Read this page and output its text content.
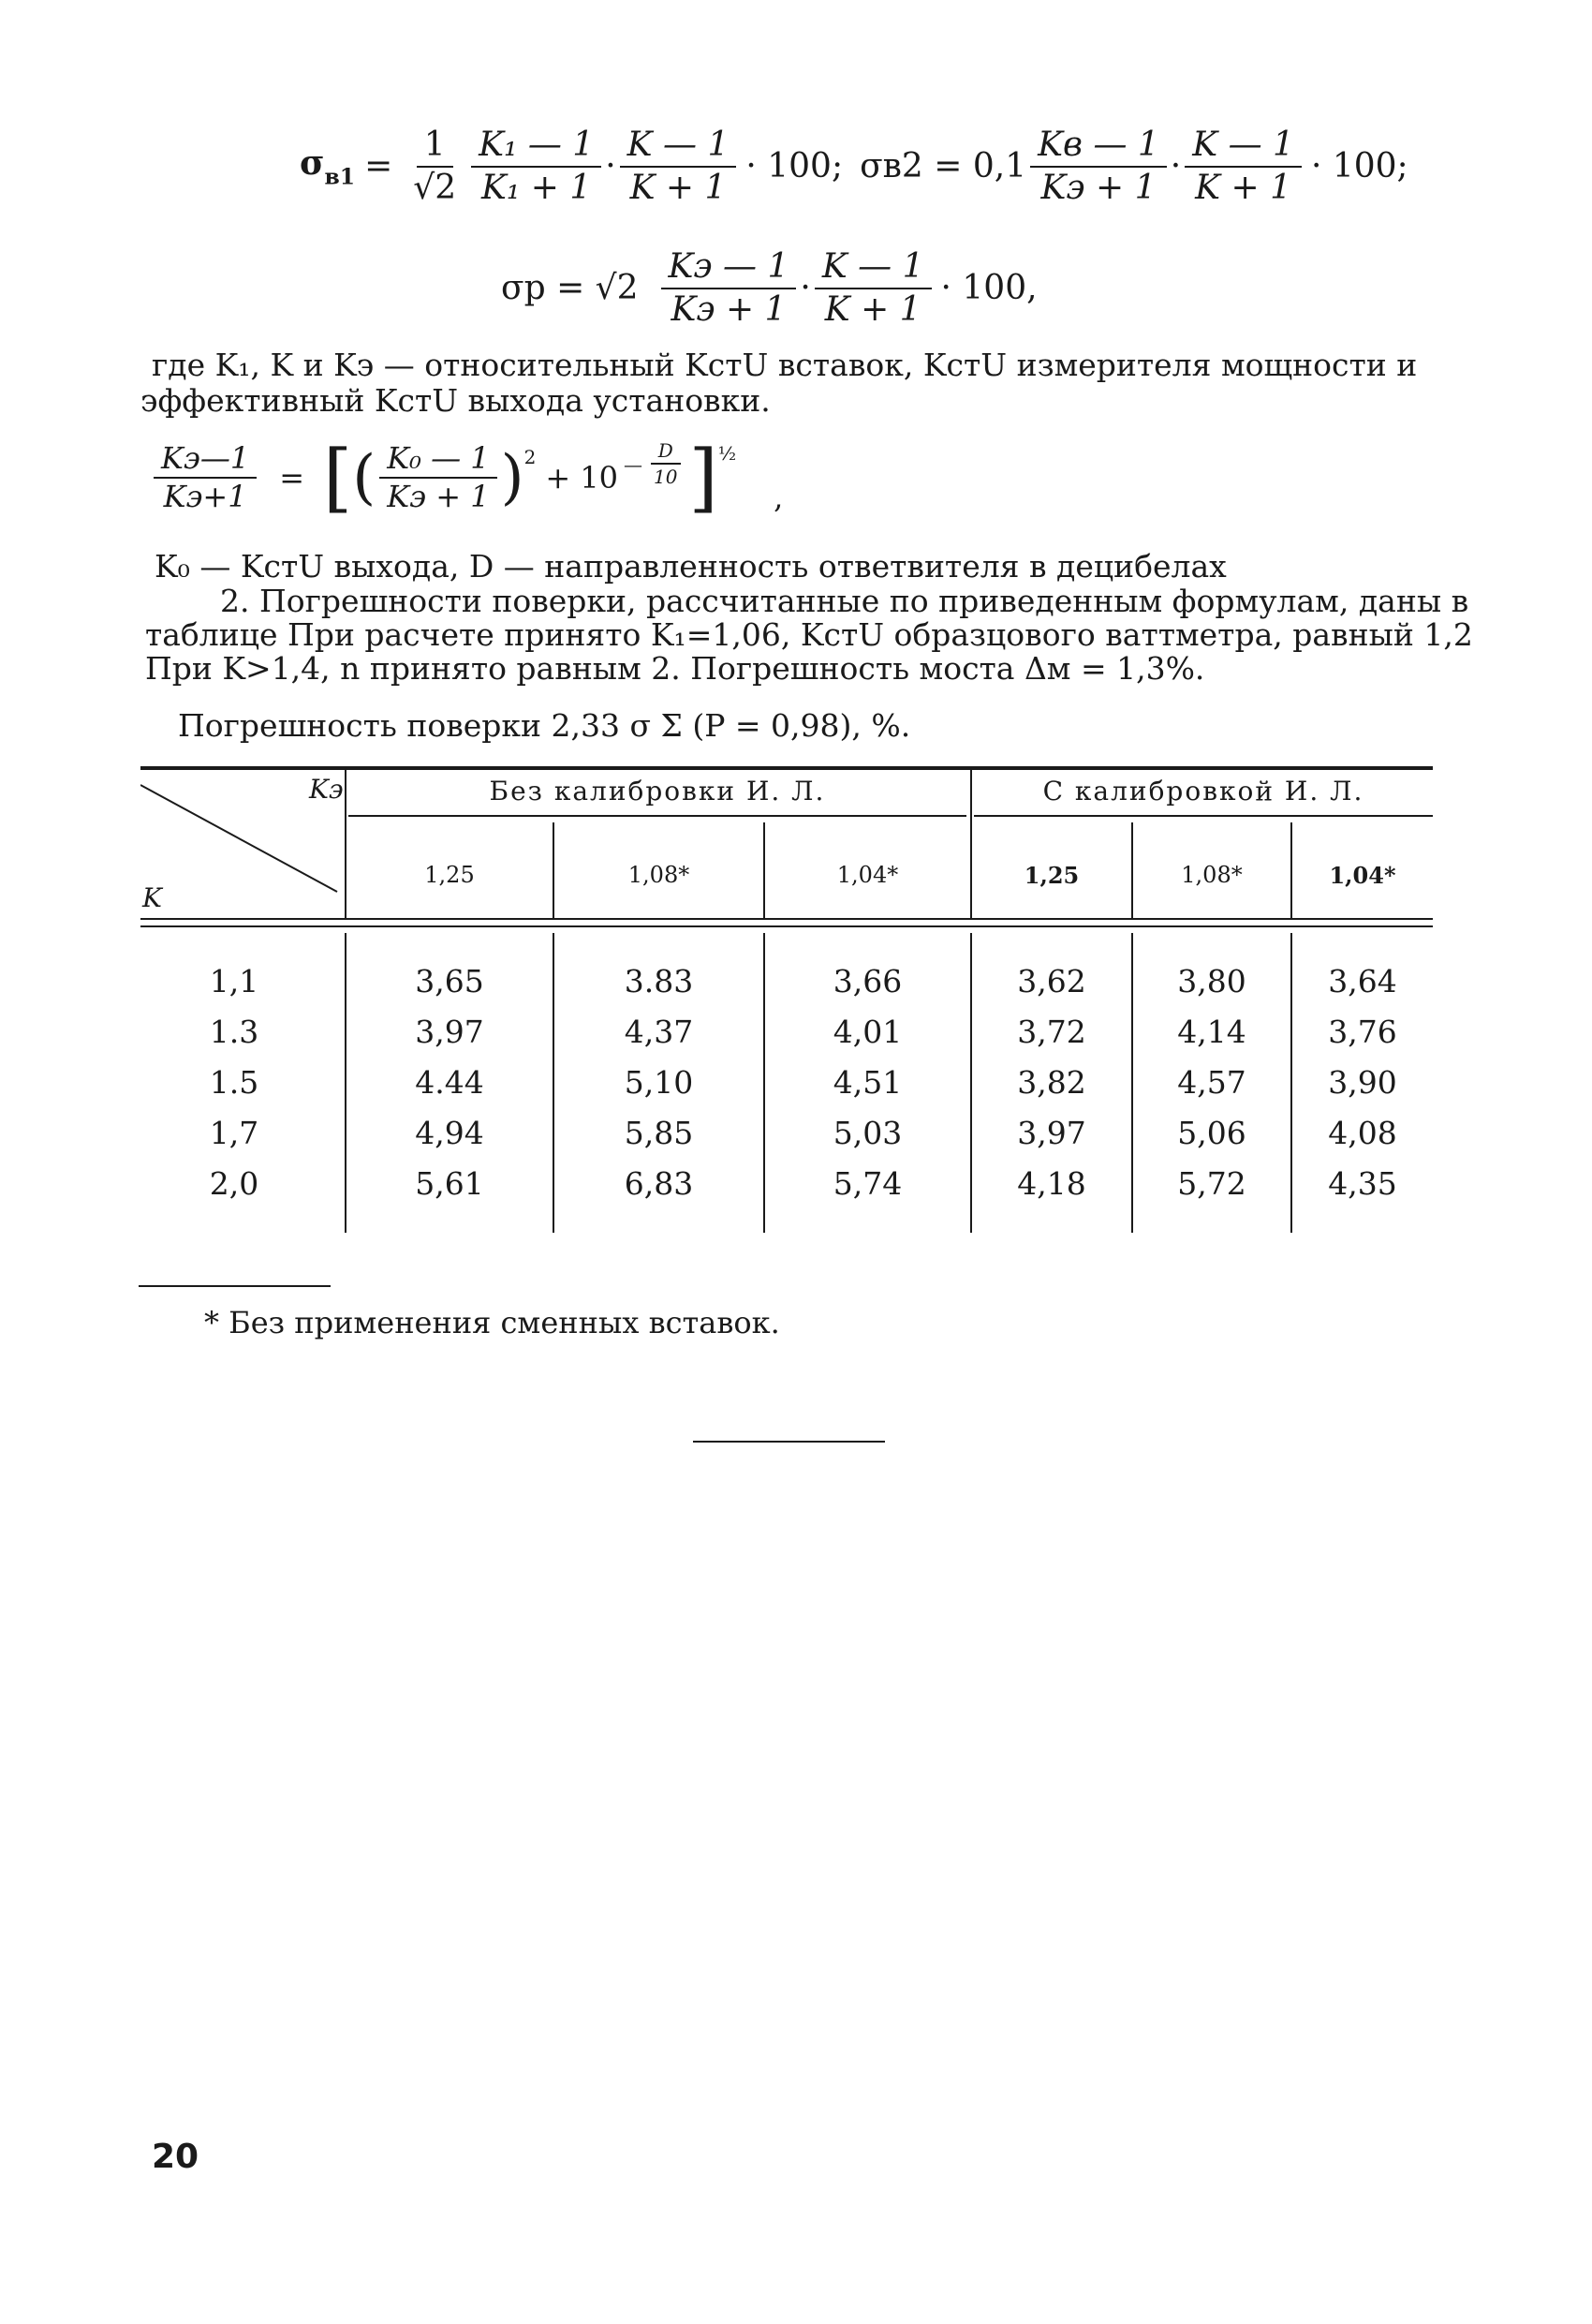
$\sigma_{в1} = \frac{1}{√2} \frac{\text{K₁ — 1}}{\text{K₁ + 1}} \cdot \frac{K — 1}{K + 1} \cdot 100$; $\sigma в2 = 0,1 \frac{Kв — 1}{Kэ + 1} \cdot \frac{K — 1}{K + 1} \cdot 100$;
$\sigma р = √2 \frac{Kэ — 1}{Kэ + 1} \cdot \frac{K — 1}{K + 1} \cdot 100$,
где K₁, K и Kэ — относительный KстU вставок, KстU измерителя мощности и
эффективный KстU выхода установки.
$\frac{Kэ—1}{Kэ+1}$ = [ ( $\frac{\text{K₀ — 1}}{Kэ + 1}$ ) 2
+ 10 — $\frac{D}{10}$ ] ½
,
K₀ — KстU выхода, D — направленность ответвителя в децибелах
2. Погрешности поверки, рассчитанные по приведенным формулам, даны в
таблице При расчете принято K₁=1,06, KстU образцового ваттметра, равный 1,2
При K>1,4, n принято равным 2. Погрешность моста Δм = 1,3%.
Погрешность поверки 2,33 σ Σ (P = 0,98), %.
Kэ
K
Без калибровки И. Л.	С калибровкой И. Л.
1,25	1,08*	1,04*	1,25	1,08*	1,04*
1,1	3,65	3.83	3,66	3,62	3,80	3,64
1.3	3,97	4,37	4,01	3,72	4,14	3,76
1.5	4.44	5,10	4,51	3,82	4,57	3,90
1,7	4,94	5,85	5,03	3,97	5,06	4,08
2,0	5,61	6,83	5,74	4,18	5,72	4,35
* Без применения сменных вставок.
20
